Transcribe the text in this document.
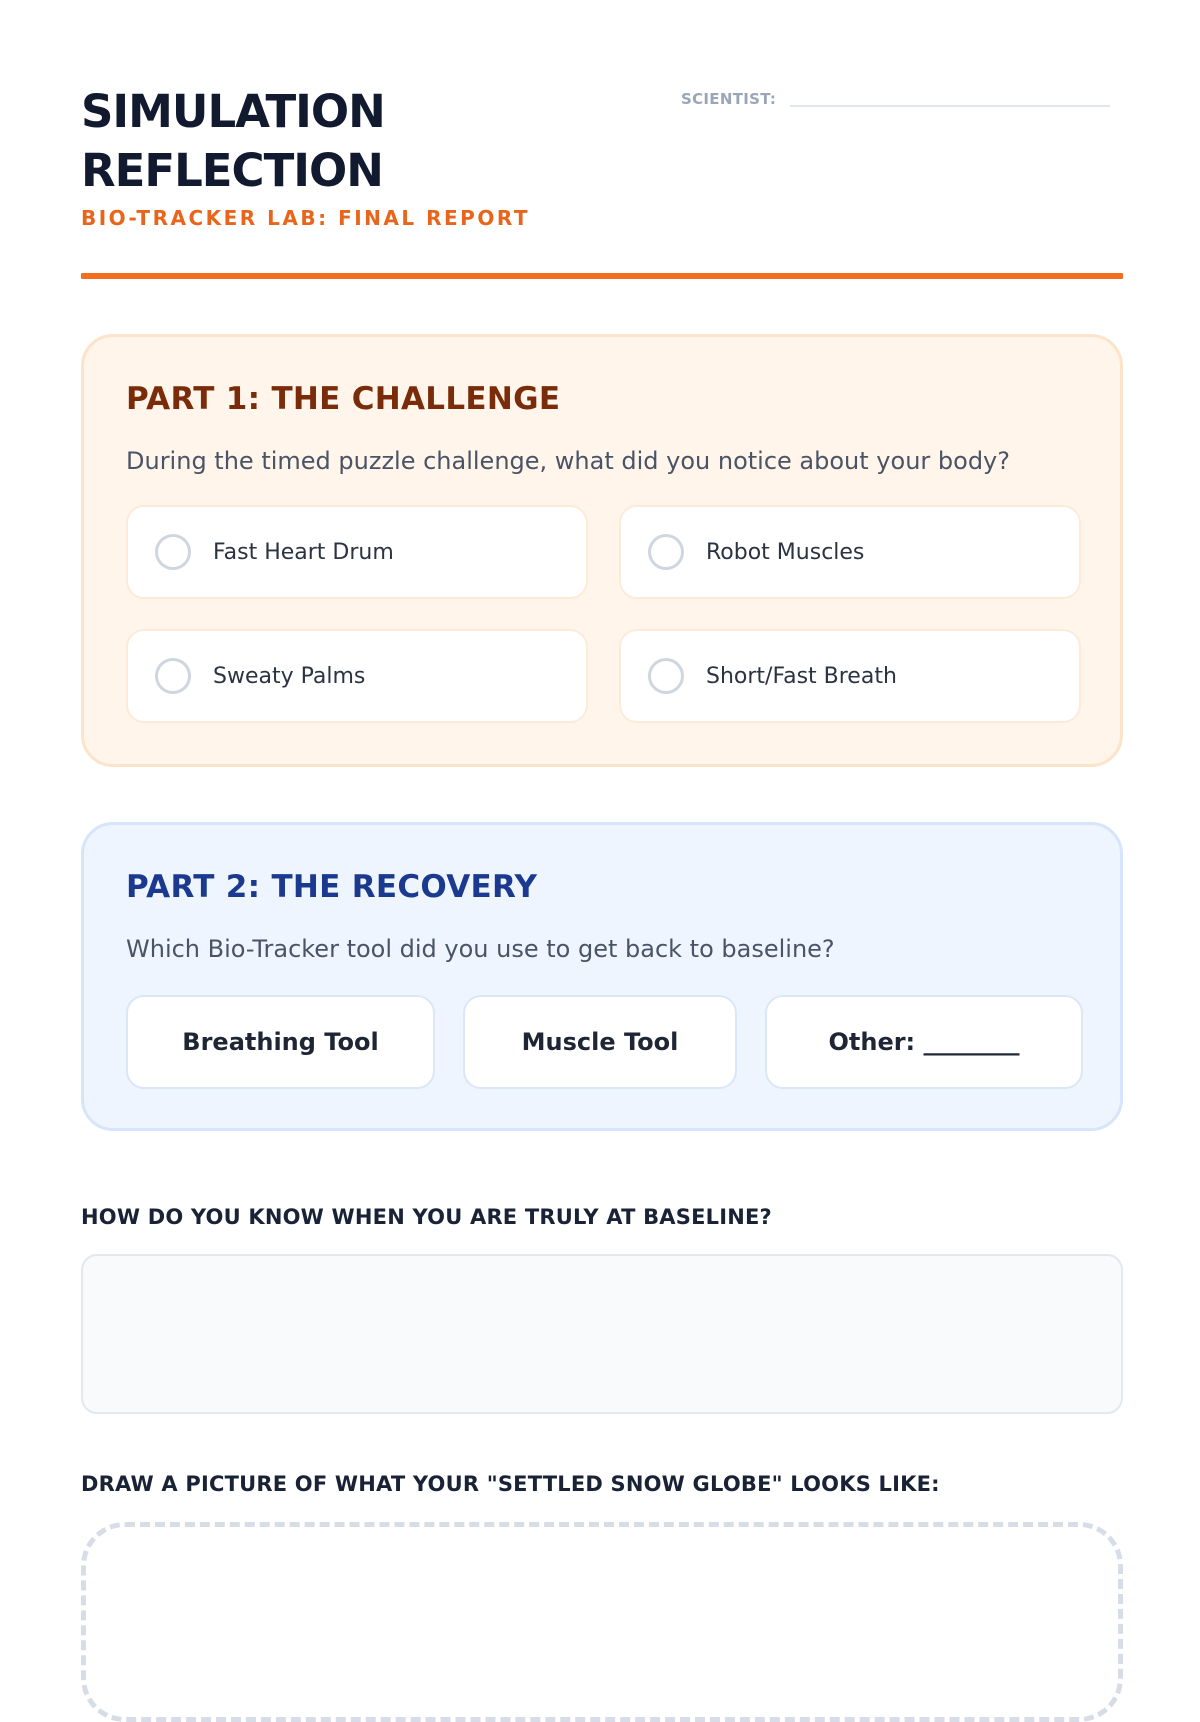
SIMULATION
REFLECTION
BIO-TRACKER LAB: FINAL REPORT
SCIENTIST:
PART 1: THE CHALLENGE
During the timed puzzle challenge, what did you notice about your body?
Fast Heart Drum	Robot Muscles
Sweaty Palms	Short/Fast Breath
PART 2: THE RECOVERY
Which Bio-Tracker tool did you use to get back to baseline?
Breathing Tool	Muscle Tool	Other: ________
HOW DO YOU KNOW WHEN YOU ARE TRULY AT BASELINE?
DRAW A PICTURE OF WHAT YOUR "SETTLED SNOW GLOBE" LOOKS LIKE:
